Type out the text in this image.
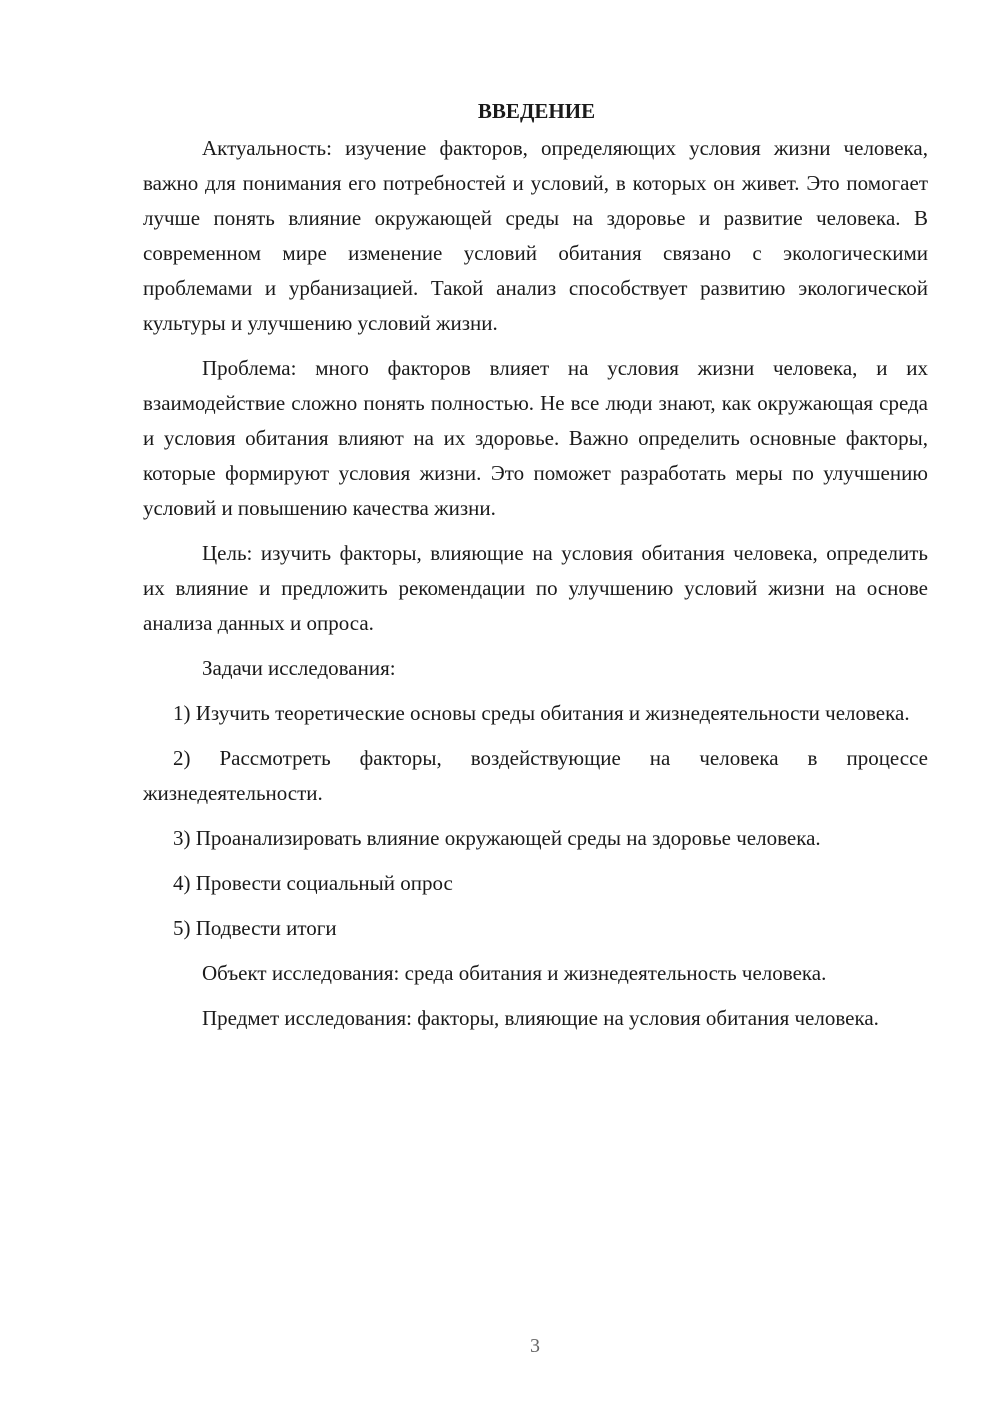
ВВЕДЕНИЕ

Актуальность: изучение факторов, определяющих условия жизни человека, важно для понимания его потребностей и условий, в которых он живет. Это помогает лучше понять влияние окружающей среды на здоровье и развитие человека. В современном мире изменение условий обитания связано с экологическими проблемами и урбанизацией. Такой анализ способствует развитию экологической культуры и улучшению условий жизни.

Проблема: много факторов влияет на условия жизни человека, и их взаимодействие сложно понять полностью. Не все люди знают, как окружающая среда и условия обитания влияют на их здоровье. Важно определить основные факторы, которые формируют условия жизни. Это поможет разработать меры по улучшению условий и повышению качества жизни.

Цель: изучить факторы, влияющие на условия обитания человека, определить их влияние и предложить рекомендации по улучшению условий жизни на основе анализа данных и опроса.

Задачи исследования:

1) Изучить теоретические основы среды обитания и жизнедеятельности человека.

2) Рассмотреть факторы, воздействующие на человека в процессе жизнедеятельности.

3) Проанализировать влияние окружающей среды на здоровье человека.

4) Провести социальный опрос

5) Подвести итоги

Объект исследования: среда обитания и жизнедеятельность человека.

Предмет исследования: факторы, влияющие на условия обитания человека.

3
